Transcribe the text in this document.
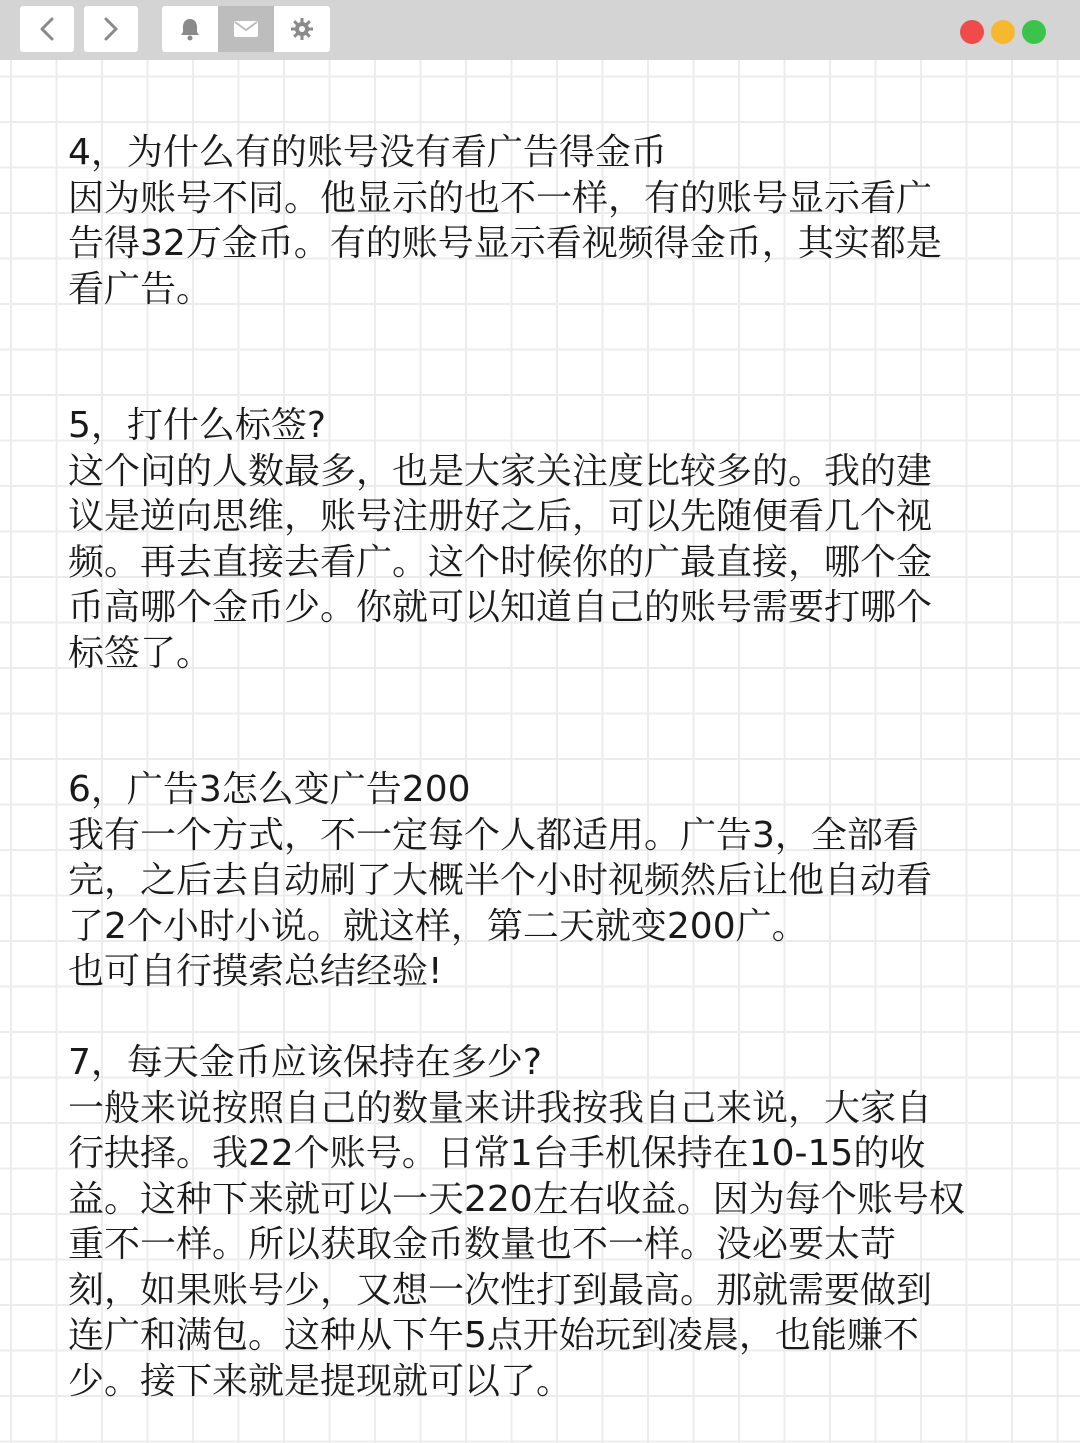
4，为什么有的账号没有看广告得金币

因为账号不同。他显示的也不一样，有的账号显示看广

告得32万金币。有的账号显示看视频得金币，其实都是

看广告。

5，打什么标签?

这个问的人数最多，也是大家关注度比较多的。我的建

议是逆向思维，账号注册好之后，可以先随便看几个视

频。再去直接去看广。这个时候你的广最直接，哪个金

币高哪个金币少。你就可以知道自己的账号需要打哪个

标签了。

6，广告3怎么变广告200

我有一个方式，不一定每个人都适用。广告3，全部看

完，之后去自动刷了大概半个小时视频然后让他自动看

了2个小时小说。就这样，第二天就变200广。

也可自行摸索总结经验!

7，每天金币应该保持在多少?

一般来说按照自己的数量来讲我按我自己来说，大家自

行抉择。我22个账号。日常1台手机保持在10-15的收

益。这种下来就可以一天220左右收益。因为每个账号权

重不一样。所以获取金币数量也不一样。没必要太苛

刻，如果账号少，又想一次性打到最高。那就需要做到

连广和满包。这种从下午5点开始玩到凌晨，也能赚不

少。接下来就是提现就可以了。
